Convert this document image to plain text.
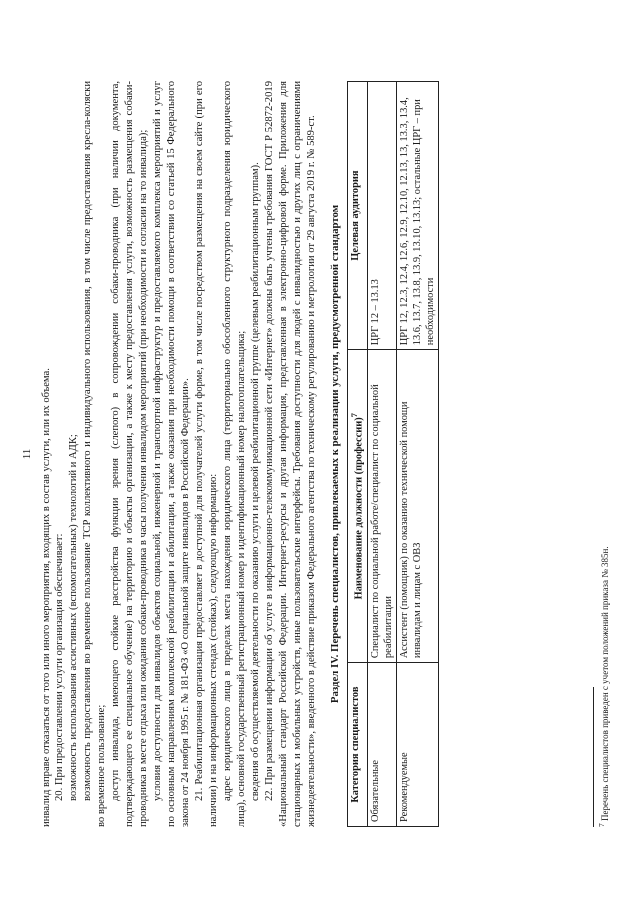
11 инвалид вправе отказаться от того или иного мероприятия, входящих в состав услуги, или их объема. 20. При предоставлении услуги организация обеспечивает: возможность использования ассистивных (вспомогательных) технологий и АДК; возможность предоставления во временное пользование ТСР коллективного и индивидуального использования, в том числе предоставления кресла-коляски во временное пользование; доступ инвалида, имеющего стойкие расстройства функции зрения (слепого) в сопровождении собаки-проводника (при наличии документа, подтверждающего ее специальное обучение) на территорию и объекты организации, а также к месту предоставления услуги, возможность размещения собаки-проводника в месте отдыха или ожидания собаки-проводника в часы получения инвалидом мероприятий (при необходимости и согласии на то инвалида); условия доступности для инвалидов объектов социальной, инженерной и транспортной инфраструктур и предоставляемого комплекса мероприятий и услуг по основным направлениям комплексной реабилитации и абилитации, а также оказания при необходимости помощи в соответствии со статьей 15 Федерального закона от 24 ноября 1995 г. № 181-ФЗ «О социальной защите инвалидов в Российской Федерации». 21. Реабилитационная организация предоставляет в доступной для получателей услуги форме, в том числе посредством размещения на своем сайте (при его наличии) и на информационных стендах (стойках), следующую информацию: адрес юридического лица в пределах места нахождения юридического лица (территориально обособленного структурного подразделения юридического лица), основной государственный регистрационный номер и идентификационный номер налогоплательщика; сведения об осуществляемой деятельности по оказанию услуги и целевой реабилитационной группе (целевым реабилитационным группам). 22. При размещении информации об услуге в информационно-телекоммуникационной сети «Интернет» должны быть учтены требования ГОСТ Р 52872-2019 «Национальный стандарт Российской Федерации. Интернет-ресурсы и другая информация, представленная в электронно-цифровой форме. Приложения для стационарных и мобильных устройств, иные пользовательские интерфейсы. Требования доступности для людей с инвалидностью и других лиц с ограничениями жизнедеятельности», введенного в действие приказом Федерального агентства по техническому регулированию и метрологии от 29 августа 2019 г. № 589-ст. Раздел IV. Перечень специалистов, привлекаемых к реализации услуги, предусмотренной стандартом
Категория специалистов	Наименование должности (профессии)$^7$	Целевая аудитория
Обязательные	Специалист по социальной работе/специалист по социальной реабилитации	ЦРГ 12 – 13.13
Рекомендуемые	Ассистент (помощник) по оказанию технической помощи инвалидам и лицам с ОВЗ	ЦРГ 12, 12.3, 12.4, 12.6, 12.9, 12.10, 12.13, 13, 13.3, 13.4, 13.6, 13.7, 13.8, 13.9, 13.10, 13.13; остальные ЦРГ – при необходимости
$^7$ Перечень специалистов приведен с учетом положений приказа № 385н.
